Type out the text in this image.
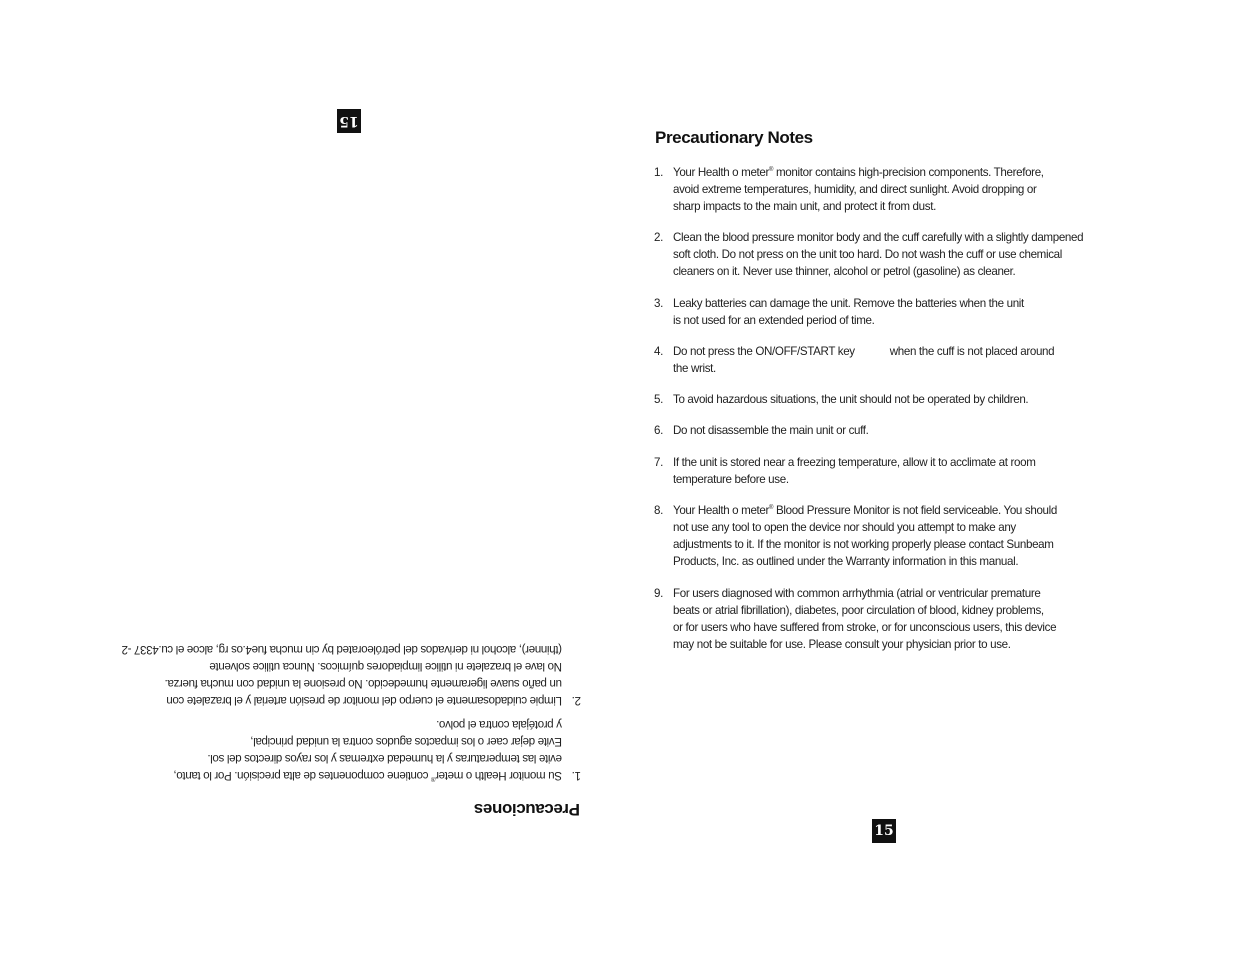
Precauciones
1.
Su monitor Health o meter® contiene componentes de alta precisión. Por lo tanto,
evite las temperaturas y la humedad extremas y los rayos directos del sol.
Evite dejar caer o los impactos agudos contra la unidad principal,
y protéjala contra el polvo.
2.
Limpie cuidadosamente el cuerpo del monitor de presión arterial y el brazalete con
un paño suave ligeramente humedecido. No presione la unidad con mucha fuerza.
No lave el brazalete ni utilice limpiadores químicos. Nunca utilice solvente
(thinner), alcohol ni derivados del petróleorated by cin mucha fue4.os rg, alcoe el cu.4337 -2
15
Precautionary Notes
1. Your Health o meter® monitor contains high-precision components. Therefore,
avoid extreme temperatures, humidity, and direct sunlight. Avoid dropping or
sharp impacts to the main unit, and protect it from dust.
2. Clean the blood pressure monitor body and the cuff carefully with a slightly dampened
soft cloth. Do not press on the unit too hard. Do not wash the cuff or use chemical
cleaners on it. Never use thinner, alcohol or petrol (gasoline) as cleaner.
3. Leaky batteries can damage the unit. Remove the batteries when the unit
is not used for an extended period of time.
4. Do not press the ON/OFF/START key	when the cuff is not placed around
the wrist.
5. To avoid hazardous situations, the unit should not be operated by children.
6. Do not disassemble the main unit or cuff.
7. If the unit is stored near a freezing temperature, allow it to acclimate at room
temperature before use.
8. Your Health o meter® Blood Pressure Monitor is not field serviceable. You should
not use any tool to open the device nor should you attempt to make any
adjustments to it. If the monitor is not working properly please contact Sunbeam
Products, Inc. as outlined under the Warranty information in this manual.
9. For users diagnosed with common arrhythmia (atrial or ventricular premature
beats or atrial fibrillation), diabetes, poor circulation of blood, kidney problems,
or for users who have suffered from stroke, or for unconscious users, this device
may not be suitable for use. Please consult your physician prior to use.
15
